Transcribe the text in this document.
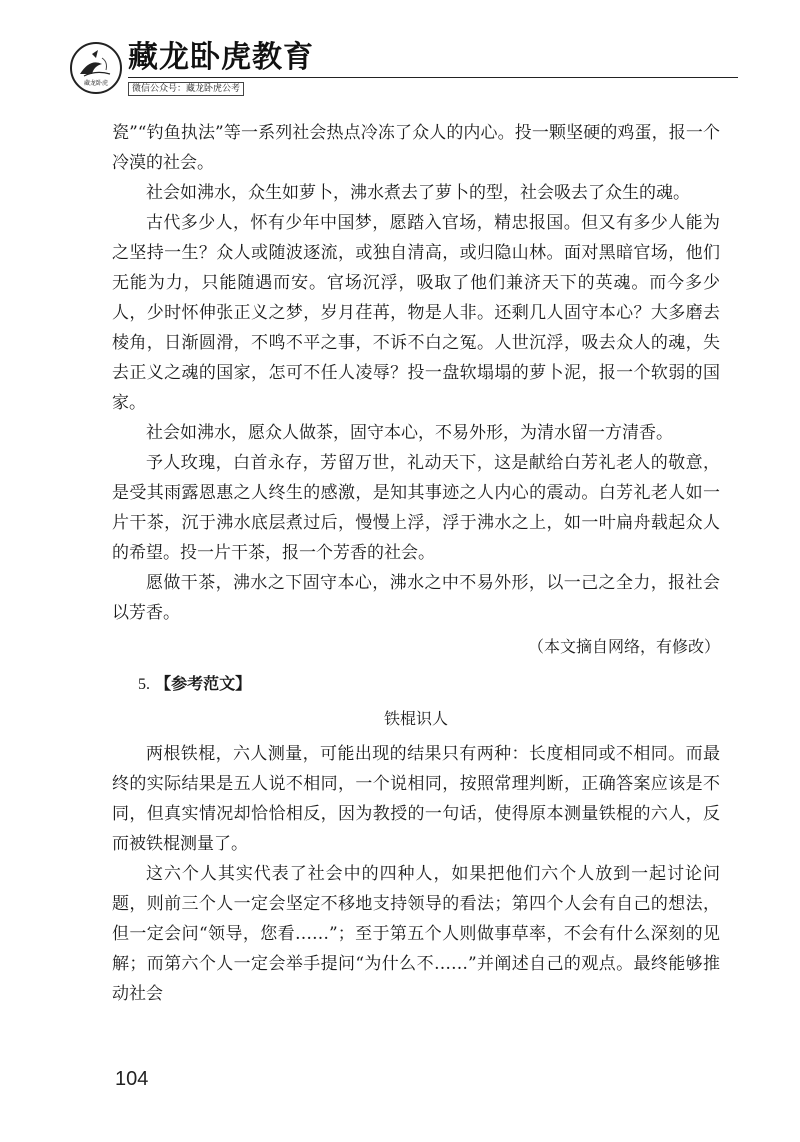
藏龙卧虎
藏龙卧虎教育
微信公众号：藏龙卧虎公考

瓷”“钓鱼执法”等一系列社会热点冷冻了众人的内心。投一颗坚硬的鸡蛋，报一个冷漠的社会。

社会如沸水，众生如萝卜，沸水煮去了萝卜的型，社会吸去了众生的魂。

古代多少人，怀有少年中国梦，愿踏入官场，精忠报国。但又有多少人能为之坚持一生？众人或随波逐流，或独自清高，或归隐山林。面对黑暗官场，他们无能为力，只能随遇而安。官场沉浮，吸取了他们兼济天下的英魂。而今多少人，少时怀伸张正义之梦，岁月荏苒，物是人非。还剩几人固守本心？大多磨去棱角，日渐圆滑，不鸣不平之事，不诉不白之冤。人世沉浮，吸去众人的魂，失去正义之魂的国家，怎可不任人凌辱？投一盘软塌塌的萝卜泥，报一个软弱的国家。

社会如沸水，愿众人做茶，固守本心，不易外形，为清水留一方清香。

予人玫瑰，白首永存，芳留万世，礼动天下，这是献给白芳礼老人的敬意，是受其雨露恩惠之人终生的感激，是知其事迹之人内心的震动。白芳礼老人如一片干茶，沉于沸水底层煮过后，慢慢上浮，浮于沸水之上，如一叶扁舟载起众人的希望。投一片干茶，报一个芳香的社会。

愿做干茶，沸水之下固守本心，沸水之中不易外形，以一己之全力，报社会以芳香。

（本文摘自网络，有修改）
5. 【参考范文】
铁棍识人

两根铁棍，六人测量，可能出现的结果只有两种：长度相同或不相同。而最终的实际结果是五人说不相同，一个说相同，按照常理判断，正确答案应该是不同，但真实情况却恰恰相反，因为教授的一句话，使得原本测量铁棍的六人，反而被铁棍测量了。

这六个人其实代表了社会中的四种人，如果把他们六个人放到一起讨论问题，则前三个人一定会坚定不移地支持领导的看法；第四个人会有自己的想法，但一定会问“领导，您看……”；至于第五个人则做事草率，不会有什么深刻的见解；而第六个人一定会举手提问“为什么不……”并阐述自己的观点。最终能够推动社会

104
